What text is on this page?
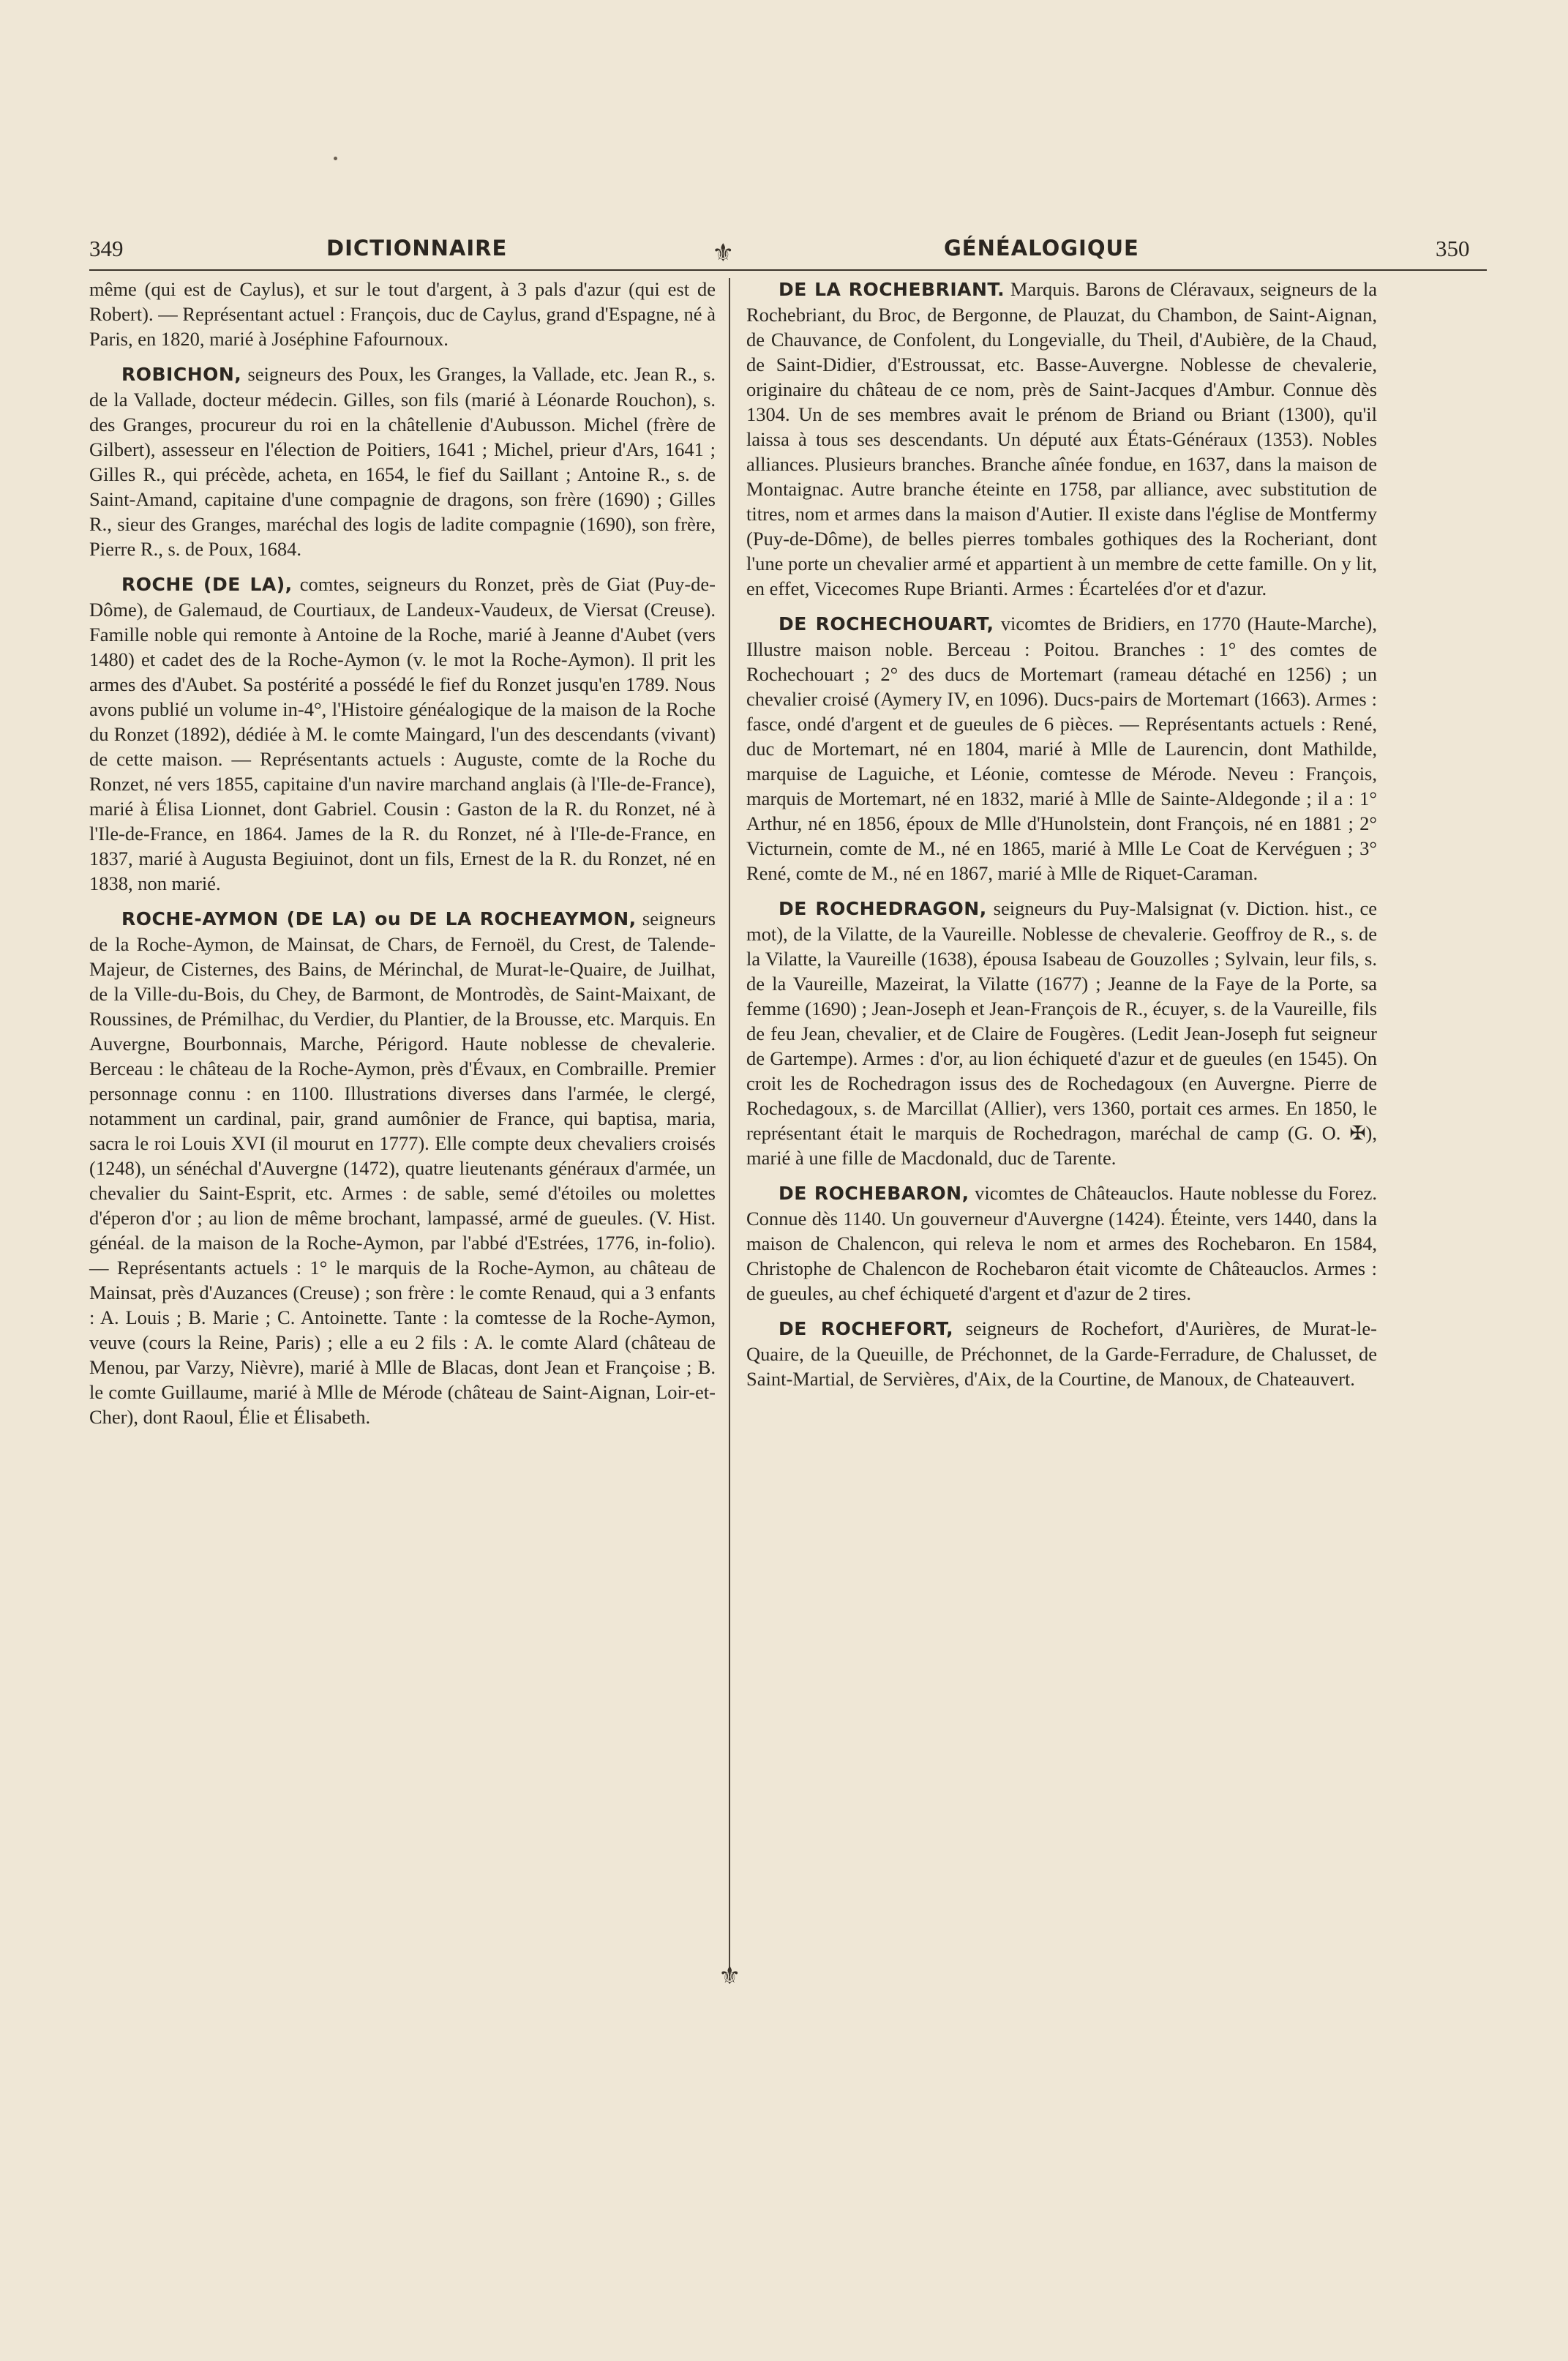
349	DICTIONNAIRE	GÉNÉALOGIQUE	350
⚜
⚜

même (qui est de Caylus), et sur le tout d'argent, à 3 pals d'azur (qui est de Robert). — Représentant actuel : François, duc de Caylus, grand d'Espagne, né à Paris, en 1820, marié à Joséphine Fafournoux.

ROBICHON, seigneurs des Poux, les Granges, la Vallade, etc. Jean R., s. de la Vallade, docteur médecin. Gilles, son fils (marié à Léonarde Rouchon), s. des Granges, procureur du roi en la châtellenie d'Aubusson. Michel (frère de Gilbert), assesseur en l'élection de Poitiers, 1641 ; Michel, prieur d'Ars, 1641 ; Gilles R., qui précède, acheta, en 1654, le fief du Saillant ; Antoine R., s. de Saint-Amand, capitaine d'une compagnie de dragons, son frère (1690) ; Gilles R., sieur des Granges, maréchal des logis de ladite compagnie (1690), son frère, Pierre R., s. de Poux, 1684.

ROCHE (DE LA), comtes, seigneurs du Ronzet, près de Giat (Puy-de-Dôme), de Galemaud, de Courtiaux, de Landeux-Vaudeux, de Viersat (Creuse). Famille noble qui remonte à Antoine de la Roche, marié à Jeanne d'Aubet (vers 1480) et cadet des de la Roche-Aymon (v. le mot la Roche-Aymon). Il prit les armes des d'Aubet. Sa postérité a possédé le fief du Ronzet jusqu'en 1789. Nous avons publié un volume in-4°, l'Histoire généalogique de la maison de la Roche du Ronzet (1892), dédiée à M. le comte Maingard, l'un des descendants (vivant) de cette maison. — Représentants actuels : Auguste, comte de la Roche du Ronzet, né vers 1855, capitaine d'un navire marchand anglais (à l'Ile-de-France), marié à Élisa Lionnet, dont Gabriel. Cousin : Gaston de la R. du Ronzet, né à l'Ile-de-France, en 1864. James de la R. du Ronzet, né à l'Ile-de-France, en 1837, marié à Augusta Begiuinot, dont un fils, Ernest de la R. du Ronzet, né en 1838, non marié.

ROCHE-AYMON (DE LA) ou DE LA ROCHEAYMON, seigneurs de la Roche-Aymon, de Mainsat, de Chars, de Fernoël, du Crest, de Talende-Majeur, de Cisternes, des Bains, de Mérinchal, de Murat-le-Quaire, de Juilhat, de la Ville-du-Bois, du Chey, de Barmont, de Montrodès, de Saint-Maixant, de Roussines, de Prémilhac, du Verdier, du Plantier, de la Brousse, etc. Marquis. En Auvergne, Bourbonnais, Marche, Périgord. Haute noblesse de chevalerie. Berceau : le château de la Roche-Aymon, près d'Évaux, en Combraille. Premier personnage connu : en 1100. Illustrations diverses dans l'armée, le clergé, notamment un cardinal, pair, grand aumônier de France, qui baptisa, maria, sacra le roi Louis XVI (il mourut en 1777). Elle compte deux chevaliers croisés (1248), un sénéchal d'Auvergne (1472), quatre lieutenants généraux d'armée, un chevalier du Saint-Esprit, etc. Armes : de sable, semé d'étoiles ou molettes d'éperon d'or ; au lion de même brochant, lampassé, armé de gueules. (V. Hist. généal. de la maison de la Roche-Aymon, par l'abbé d'Estrées, 1776, in-folio). — Représentants actuels : 1° le marquis de la Roche-Aymon, au château de Mainsat, près d'Auzances (Creuse) ; son frère : le comte Renaud, qui a 3 enfants : A. Louis ; B. Marie ; C. Antoinette. Tante : la comtesse de la Roche-Aymon, veuve (cours la Reine, Paris) ; elle a eu 2 fils : A. le comte Alard (château de Menou, par Varzy, Nièvre), marié à Mlle de Blacas, dont Jean et Françoise ; B. le comte Guillaume, marié à Mlle de Mérode (château de Saint-Aignan, Loir-et-Cher), dont Raoul, Élie et Élisabeth.

DE LA ROCHEBRIANT. Marquis. Barons de Cléravaux, seigneurs de la Rochebriant, du Broc, de Bergonne, de Plauzat, du Chambon, de Saint-Aignan, de Chauvance, de Confolent, du Longevialle, du Theil, d'Aubière, de la Chaud, de Saint-Didier, d'Estroussat, etc. Basse-Auvergne. Noblesse de chevalerie, originaire du château de ce nom, près de Saint-Jacques d'Ambur. Connue dès 1304. Un de ses membres avait le prénom de Briand ou Briant (1300), qu'il laissa à tous ses descendants. Un député aux États-Généraux (1353). Nobles alliances. Plusieurs branches. Branche aînée fondue, en 1637, dans la maison de Montaignac. Autre branche éteinte en 1758, par alliance, avec substitution de titres, nom et armes dans la maison d'Autier. Il existe dans l'église de Montfermy (Puy-de-Dôme), de belles pierres tombales gothiques des la Rocheriant, dont l'une porte un chevalier armé et appartient à un membre de cette famille. On y lit, en effet, Vicecomes Rupe Brianti. Armes : Écartelées d'or et d'azur.

DE ROCHECHOUART, vicomtes de Bridiers, en 1770 (Haute-Marche), Illustre maison noble. Berceau : Poitou. Branches : 1° des comtes de Rochechouart ; 2° des ducs de Mortemart (rameau détaché en 1256) ; un chevalier croisé (Aymery IV, en 1096). Ducs-pairs de Mortemart (1663). Armes : fasce, ondé d'argent et de gueules de 6 pièces. — Représentants actuels : René, duc de Mortemart, né en 1804, marié à Mlle de Laurencin, dont Mathilde, marquise de Laguiche, et Léonie, comtesse de Mérode. Neveu : François, marquis de Mortemart, né en 1832, marié à Mlle de Sainte-Aldegonde ; il a : 1° Arthur, né en 1856, époux de Mlle d'Hunolstein, dont François, né en 1881 ; 2° Victurnein, comte de M., né en 1865, marié à Mlle Le Coat de Kervéguen ; 3° René, comte de M., né en 1867, marié à Mlle de Riquet-Caraman.

DE ROCHEDRAGON, seigneurs du Puy-Malsignat (v. Diction. hist., ce mot), de la Vilatte, de la Vaureille. Noblesse de chevalerie. Geoffroy de R., s. de la Vilatte, la Vaureille (1638), épousa Isabeau de Gouzolles ; Sylvain, leur fils, s. de la Vaureille, Mazeirat, la Vilatte (1677) ; Jeanne de la Faye de la Porte, sa femme (1690) ; Jean-Joseph et Jean-François de R., écuyer, s. de la Vaureille, fils de feu Jean, chevalier, et de Claire de Fougères. (Ledit Jean-Joseph fut seigneur de Gartempe). Armes : d'or, au lion échiqueté d'azur et de gueules (en 1545). On croit les de Rochedragon issus des de Rochedagoux (en Auvergne. Pierre de Rochedagoux, s. de Marcillat (Allier), vers 1360, portait ces armes. En 1850, le représentant était le marquis de Rochedragon, maréchal de camp (G. O. ✠), marié à une fille de Macdonald, duc de Tarente.

DE ROCHEBARON, vicomtes de Châteauclos. Haute noblesse du Forez. Connue dès 1140. Un gouverneur d'Auvergne (1424). Éteinte, vers 1440, dans la maison de Chalencon, qui releva le nom et armes des Rochebaron. En 1584, Christophe de Chalencon de Rochebaron était vicomte de Châteauclos. Armes : de gueules, au chef échiqueté d'argent et d'azur de 2 tires.

DE ROCHEFORT, seigneurs de Rochefort, d'Aurières, de Murat-le-Quaire, de la Queuille, de Préchonnet, de la Garde-Ferradure, de Chalusset, de Saint-Martial, de Servières, d'Aix, de la Courtine, de Manoux, de Chateauvert.
